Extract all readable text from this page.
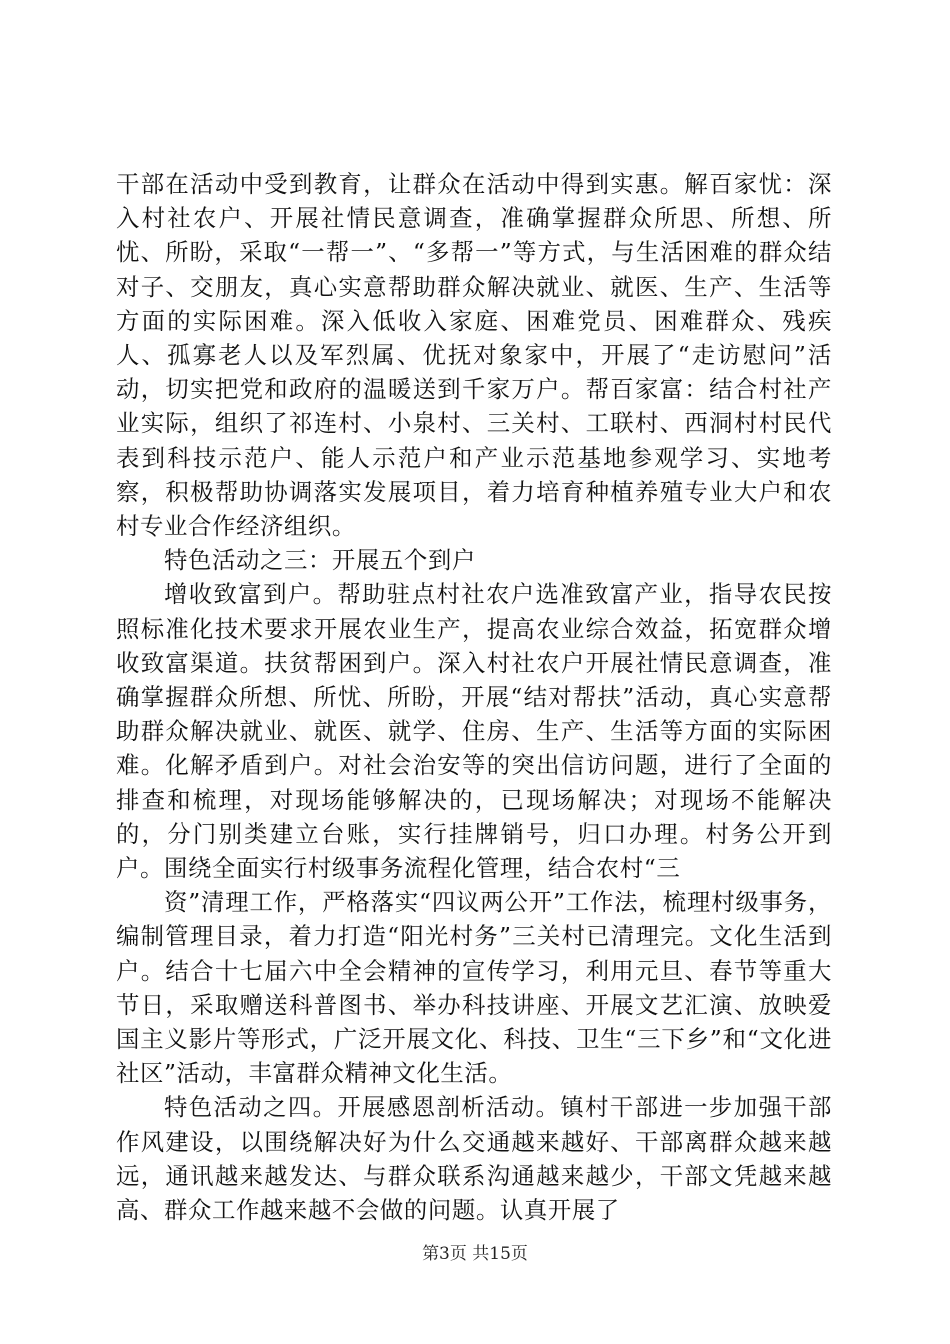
干部在活动中受到教育，让群众在活动中得到实惠。解百家忧：深入村社农户、开展社情民意调查，准确掌握群众所思、所想、所忧、所盼，采取“一帮一”、“多帮一”等方式，与生活困难的群众结对子、交朋友，真心实意帮助群众解决就业、就医、生产、生活等方面的实际困难。深入低收入家庭、困难党员、困难群众、残疾人、孤寡老人以及军烈属、优抚对象家中，开展了“走访慰问”活动，切实把党和政府的温暖送到千家万户。帮百家富：结合村社产业实际，组织了祁连村、小泉村、三关村、工联村、西洞村村民代表到科技示范户、能人示范户和产业示范基地参观学习、实地考察，积极帮助协调落实发展项目，着力培育种植养殖专业大户和农村专业合作经济组织。

特色活动之三：开展五个到户

增收致富到户。帮助驻点村社农户选准致富产业，指导农民按照标准化技术要求开展农业生产，提高农业综合效益，拓宽群众增收致富渠道。扶贫帮困到户。深入村社农户开展社情民意调查，准确掌握群众所想、所忧、所盼，开展“结对帮扶”活动，真心实意帮助群众解决就业、就医、就学、住房、生产、生活等方面的实际困难。化解矛盾到户。对社会治安等的突出信访问题，进行了全面的排查和梳理，对现场能够解决的，已现场解决；对现场不能解决的，分门别类建立台账，实行挂牌销号，归口办理。村务公开到户。围绕全面实行村级事务流程化管理，结合农村“三

资”清理工作，严格落实“四议两公开”工作法，梳理村级事务，编制管理目录，着力打造“阳光村务”三关村已清理完。文化生活到户。结合十七届六中全会精神的宣传学习，利用元旦、春节等重大节日，采取赠送科普图书、举办科技讲座、开展文艺汇演、放映爱国主义影片等形式，广泛开展文化、科技、卫生“三下乡”和“文化进社区”活动，丰富群众精神文化生活。

特色活动之四。开展感恩剖析活动。镇村干部进一步加强干部作风建设，以围绕解决好为什么交通越来越好、干部离群众越来越远，通讯越来越发达、与群众联系沟通越来越少，干部文凭越来越高、群众工作越来越不会做的问题。认真开展了

第3页 共15页
